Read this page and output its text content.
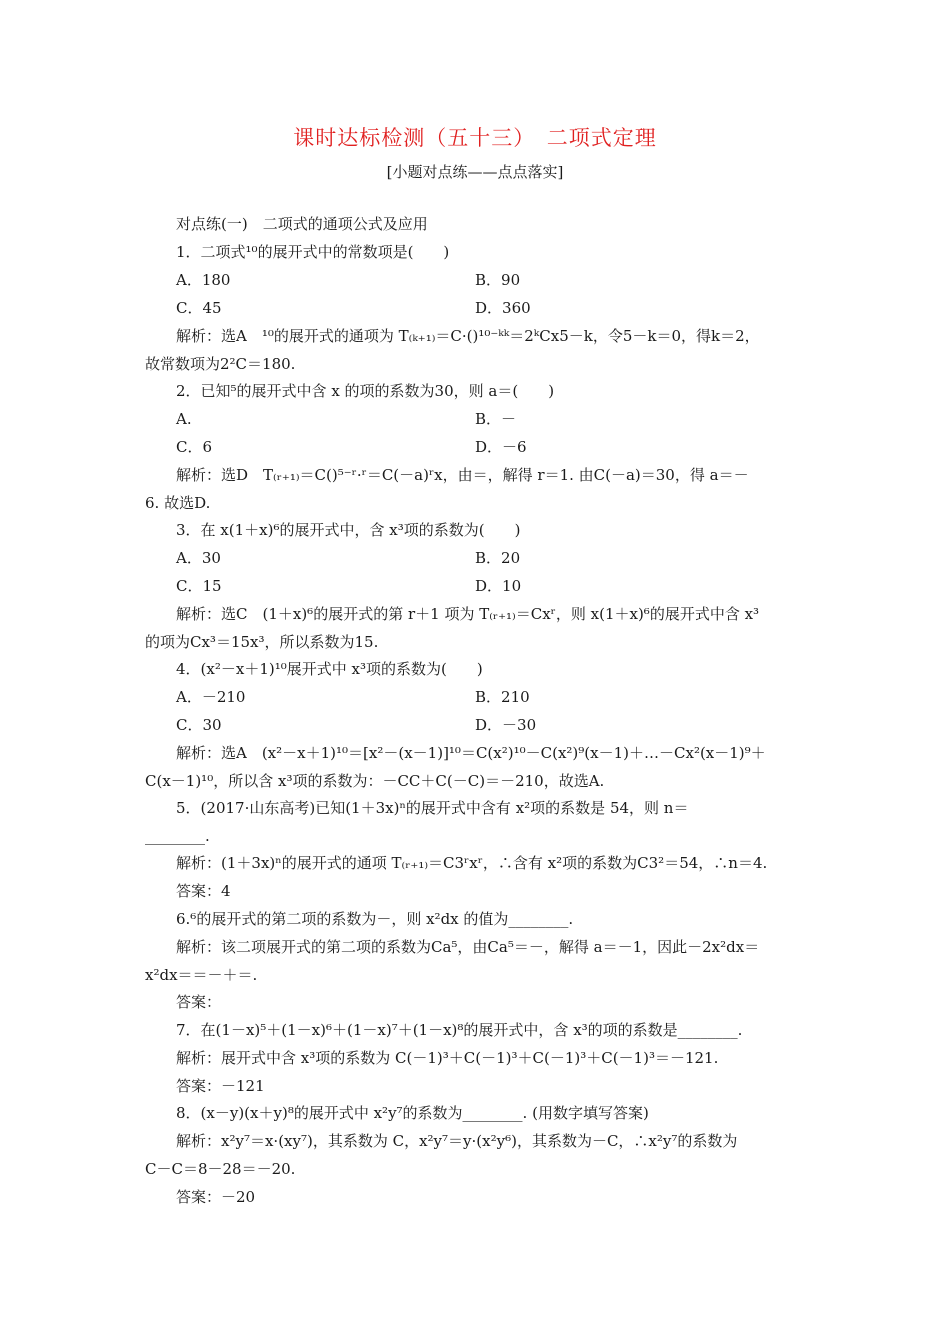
课时达标检测（五十三）　二项式定理
[小题对点练——点点落实]
对点练(一)　二项式的通项公式及应用
1．二项式¹⁰的展开式中的常数项是(　　)
A．180	B．90
C．45	D．360
解析：选A　¹⁰的展开式的通项为 T₍ₖ₊₁₎＝C·()¹⁰⁻ᵏᵏ＝2ᵏCx5－k，令5－k＝0，得k＝2，
故常数项为2²C＝180.
2．已知⁵的展开式中含 x 的项的系数为30，则 a＝(　　)
A.	B．－
C．6	D．－6
解析：选D　T₍ᵣ₊₁₎＝C()⁵⁻ʳ·ʳ＝C(－a)ʳx，由＝，解得 r＝1. 由C(－a)＝30，得 a＝－
6. 故选D.
3．在 x(1＋x)⁶的展开式中，含 x³项的系数为(　　)
A．30	B．20
C．15	D．10
解析：选C　(1＋x)⁶的展开式的第 r＋1 项为 T₍ᵣ₊₁₎＝Cxʳ，则 x(1＋x)⁶的展开式中含 x³
的项为Cx³＝15x³，所以系数为15.
4．(x²－x＋1)¹⁰展开式中 x³项的系数为(　　)
A．－210	B．210
C．30	D．－30
解析：选A　(x²－x＋1)¹⁰＝[x²－(x－1)]¹⁰＝C(x²)¹⁰－C(x²)⁹(x－1)＋…－Cx²(x－1)⁹＋
C(x－1)¹⁰，所以含 x³项的系数为：－CC＋C(－C)＝－210，故选A.
5．(2017·山东高考)已知(1＋3x)ⁿ的展开式中含有 x²项的系数是 54，则 n＝
________.
解析：(1＋3x)ⁿ的展开式的通项 T₍ᵣ₊₁₎＝C3ʳxʳ，∴含有 x²项的系数为C3²＝54，∴n＝4.
答案：4
6.⁶的展开式的第二项的系数为－，则 x²dx 的值为________.
解析：该二项展开式的第二项的系数为Ca⁵，由Ca⁵＝－，解得 a＝－1，因此－2x²dx＝
x²dx＝＝－＋＝.
答案：
7．在(1－x)⁵＋(1－x)⁶＋(1－x)⁷＋(1－x)⁸的展开式中，含 x³的项的系数是________.
解析：展开式中含 x³项的系数为 C(－1)³＋C(－1)³＋C(－1)³＋C(－1)³＝－121.
答案：－121
8．(x－y)(x＋y)⁸的展开式中 x²y⁷的系数为________. (用数字填写答案)
解析：x²y⁷＝x·(xy⁷)，其系数为 C，x²y⁷＝y·(x²y⁶)，其系数为－C，∴x²y⁷的系数为
C－C＝8－28＝－20.
答案：－20
